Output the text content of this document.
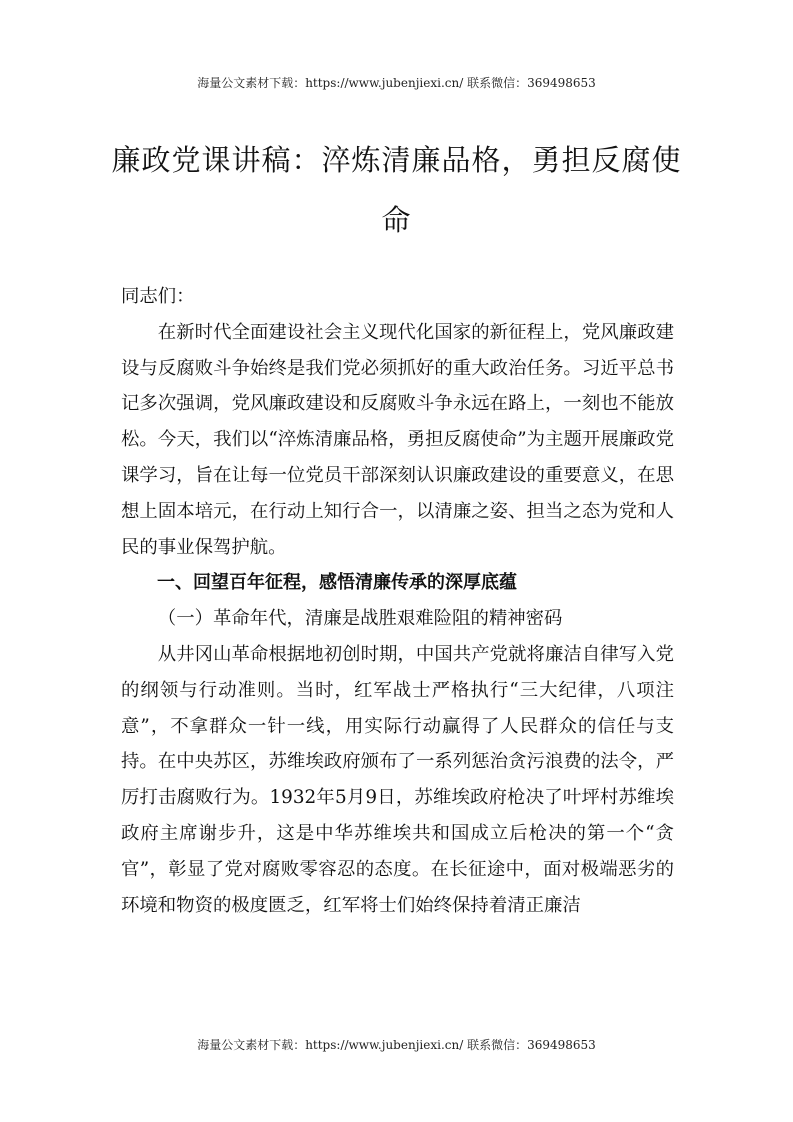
海量公文素材下载：https://www.jubenjiexi.cn/ 联系微信：369498653
廉政党课讲稿：淬炼清廉品格，勇担反腐使命

同志们：

在新时代全面建设社会主义现代化国家的新征程上，党风廉政建设与反腐败斗争始终是我们党必须抓好的重大政治任务。习近平总书记多次强调，党风廉政建设和反腐败斗争永远在路上，一刻也不能放松。今天，我们以“淬炼清廉品格，勇担反腐使命”为主题开展廉政党课学习，旨在让每一位党员干部深刻认识廉政建设的重要意义，在思想上固本培元，在行动上知行合一，以清廉之姿、担当之态为党和人民的事业保驾护航。

一、回望百年征程，感悟清廉传承的深厚底蕴

（一）革命年代，清廉是战胜艰难险阻的精神密码

从井冈山革命根据地初创时期，中国共产党就将廉洁自律写入党的纲领与行动准则。当时，红军战士严格执行“三大纪律，八项注意”，不拿群众一针一线，用实际行动赢得了人民群众的信任与支持。在中央苏区，苏维埃政府颁布了一系列惩治贪污浪费的法令，严厉打击腐败行为。1932年5月9日，苏维埃政府枪决了叶坪村苏维埃政府主席谢步升，这是中华苏维埃共和国成立后枪决的第一个“贪官”，彰显了党对腐败零容忍的态度。在长征途中，面对极端恶劣的环境和物资的极度匮乏，红军将士们始终保持着清正廉洁

海量公文素材下载：https://www.jubenjiexi.cn/ 联系微信：369498653
